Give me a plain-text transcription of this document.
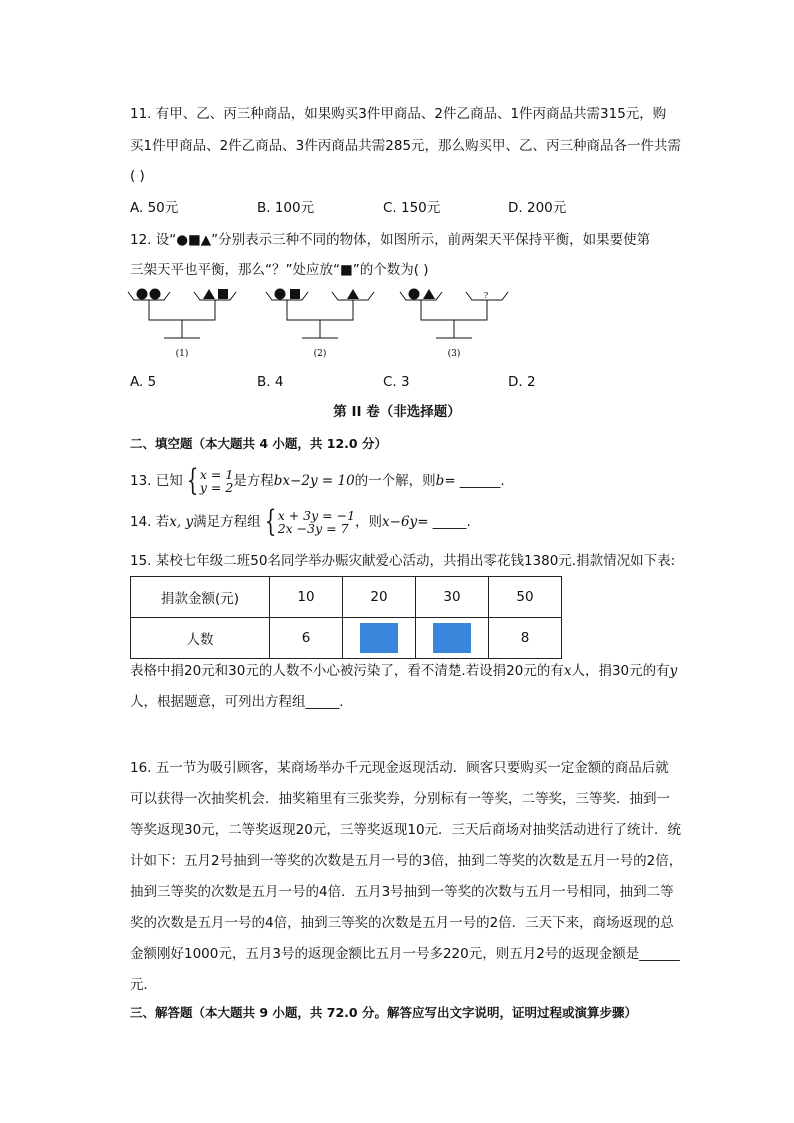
11. 有甲、乙、丙三种商品，如果购买3件甲商品、2件乙商品、1件丙商品共需315元，购
买1件甲商品、2件乙商品、3件丙商品共需285元，那么购买甲、乙、丙三种商品各一件共需
( )
A. 50元	B. 100元	C. 150元	D. 200元
12. 设“●■▲”分别表示三种不同的物体，如图所示，前两架天平保持平衡，如果要使第
三架天平也平衡，那么“？”处应放“■”的个数为( )
?
(1)	(2)	(3)
A. 5	B. 4	C. 3	D. 2
第 II 卷（非选择题）
二、填空题（本大题共 4 小题，共 12.0 分）
13. 已知 { x = 1
y = 2 是方程 bx−2y = 10 的一个解，则 b = ______.
14. 若 x, y 满足方程组 { x + 3y = −1
2x −3y = 7 ，则 x−6y = _____.
15. 某校七年级二班50名同学举办赈灾献爱心活动，共捐出零花钱1380元.捐款情况如下表:
捐款金额(元)	10	20	30	50
人数	6			8
表格中捐20元和30元的人数不小心被污染了，看不清楚.若设捐20元的有x人，捐30元的有y
人，根据题意，可列出方程组_____.
16. 五一节为吸引顾客，某商场举办千元现金返现活动．顾客只要购买一定金额的商品后就
可以获得一次抽奖机会．抽奖箱里有三张奖券，分别标有一等奖，二等奖，三等奖．抽到一
等奖返现30元，二等奖返现20元，三等奖返现10元．三天后商场对抽奖活动进行了统计．统
计如下：五月2号抽到一等奖的次数是五月一号的3倍，抽到二等奖的次数是五月一号的2倍，
抽到三等奖的次数是五月一号的4倍．五月3号抽到一等奖的次数与五月一号相同，抽到二等
奖的次数是五月一号的4倍，抽到三等奖的次数是五月一号的2倍．三天下来，商场返现的总
金额刚好1000元，五月3号的返现金额比五月一号多220元，则五月2号的返现金额是______
元．
三、解答题（本大题共 9 小题，共 72.0 分。解答应写出文字说明，证明过程或演算步骤）
